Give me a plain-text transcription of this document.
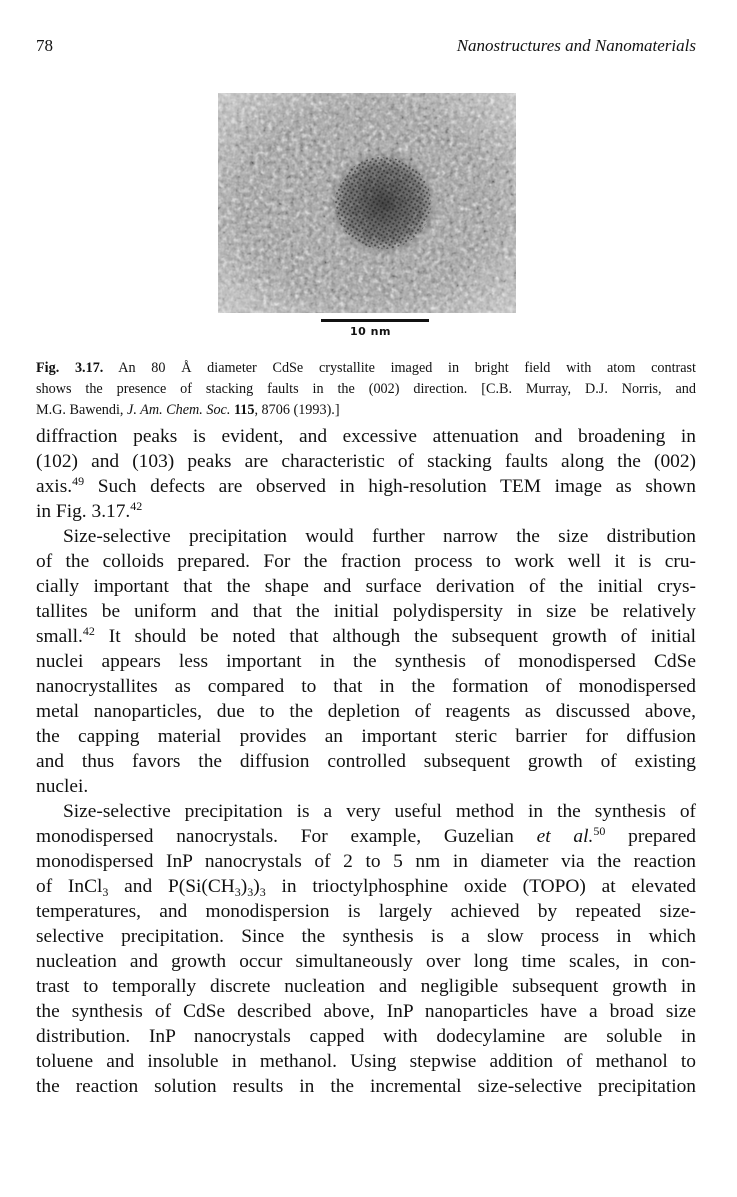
78	Nanostructures and Nanomaterials
10 nm
Fig. 3.17. An 80 Å diameter CdSe crystallite imaged in bright field with atom contrast
shows the presence of stacking faults in the (002) direction. [C.B. Murray, D.J. Norris, and
M.G. Bawendi, J. Am. Chem. Soc. 115, 8706 (1993).]
diffraction peaks is evident, and excessive attenuation and broadening in
(102) and (103) peaks are characteristic of stacking faults along the (002)
axis.$^{49}$ Such defects are observed in high-resolution TEM image as shown
in Fig. 3.17.42
Size-selective precipitation would further narrow the size distribution
of the colloids prepared. For the fraction process to work well it is cru-
cially important that the shape and surface derivation of the initial crys-
tallites be uniform and that the initial polydispersity in size be relatively
small.$^{42}$ It should be noted that although the subsequent growth of initial
nuclei appears less important in the synthesis of monodispersed CdSe
nanocrystallites as compared to that in the formation of monodispersed
metal nanoparticles, due to the depletion of reagents as discussed above,
the capping material provides an important steric barrier for diffusion
and thus favors the diffusion controlled subsequent growth of existing
nuclei.
Size-selective precipitation is a very useful method in the synthesis of
monodispersed nanocrystals. For example, Guzelian et al.$^{50}$ prepared
monodispersed InP nanocrystals of 2 to 5 nm in diameter via the reaction
of InCl$_3$ and $P(Si(CH_3)_3)_3$ in trioctylphosphine oxide (TOPO) at elevated
temperatures, and monodispersion is largely achieved by repeated size-
selective precipitation. Since the synthesis is a slow process in which
nucleation and growth occur simultaneously over long time scales, in con-
trast to temporally discrete nucleation and negligible subsequent growth in
the synthesis of CdSe described above, InP nanoparticles have a broad size
distribution. InP nanocrystals capped with dodecylamine are soluble in
toluene and insoluble in methanol. Using stepwise addition of methanol to
the reaction solution results in the incremental size-selective precipitation
